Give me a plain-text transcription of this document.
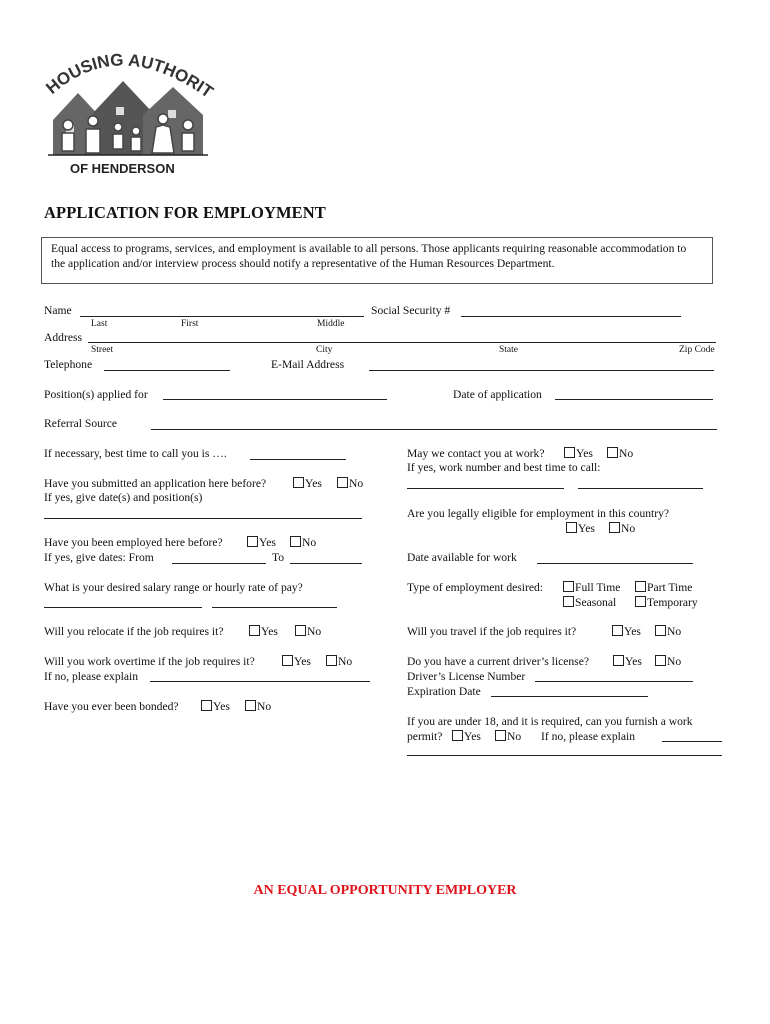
HOUSING AUTHORIT
OF HENDERSON
APPLICATION FOR EMPLOYMENT
Equal access to programs, services, and employment is available to all persons. Those applicants requiring reasonable accommodation to the application and/or interview process should notify a representative of the Human Resources Department.
Name	Social Security #
Last	First	Middle
Address
Street	City	State	Zip Code
Telephone	E-Mail Address
Position(s) applied for	Date of application
Referral Source
If necessary, best time to call you is ….
Have you submitted an application here before?	Yes	No
If yes, give date(s) and position(s)
Have you been employed here before?	Yes	No
If yes, give dates: From	To
What is your desired salary range or hourly rate of pay?
Will you relocate if the job requires it?	Yes	No
Will you work overtime if the job requires it?	Yes	No
If no, please explain
Have you ever been bonded?	Yes	No
May we contact you at work?	Yes	No
If yes, work number and best time to call:
Are you legally eligible for employment in this country?
Yes	No
Date available for work
Type of employment desired:	Full Time	Part Time
Seasonal	Temporary
Will you travel if the job requires it?	Yes	No
Do you have a current driver’s license?	Yes	No
Driver’s License Number
Expiration Date
If you are under 18, and it is required, can you furnish a work
permit?	Yes	No If no, please explain
AN EQUAL OPPORTUNITY EMPLOYER
